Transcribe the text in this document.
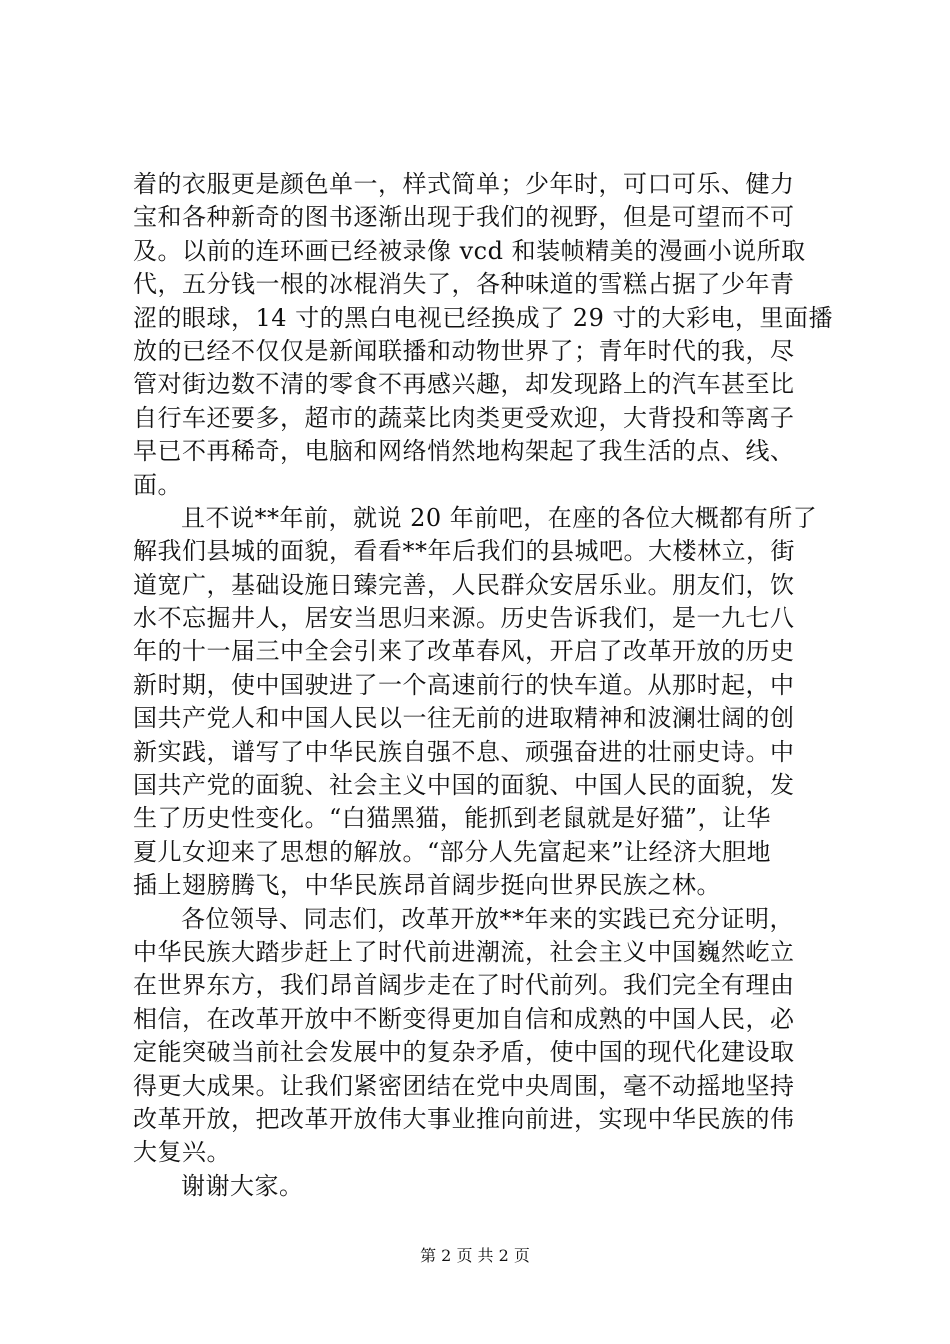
着的衣服更是颜色单一，样式简单；少年时，可口可乐、健力
宝和各种新奇的图书逐渐出现于我们的视野，但是可望而不可
及。以前的连环画已经被录像 vcd 和装帧精美的漫画小说所取
代，五分钱一根的冰棍消失了，各种味道的雪糕占据了少年青
涩的眼球，14 寸的黑白电视已经换成了 29 寸的大彩电，里面播
放的已经不仅仅是新闻联播和动物世界了；青年时代的我，尽
管对街边数不清的零食不再感兴趣，却发现路上的汽车甚至比
自行车还要多，超市的蔬菜比肉类更受欢迎，大背投和等离子
早已不再稀奇，电脑和网络悄然地构架起了我生活的点、线、
面。
且不说**年前，就说 20 年前吧，在座的各位大概都有所了
解我们县城的面貌，看看**年后我们的县城吧。大楼林立，街
道宽广，基础设施日臻完善，人民群众安居乐业。朋友们，饮
水不忘掘井人，居安当思归来源。历史告诉我们，是一九七八
年的十一届三中全会引来了改革春风，开启了改革开放的历史
新时期，使中国驶进了一个高速前行的快车道。从那时起，中
国共产党人和中国人民以一往无前的进取精神和波澜壮阔的创
新实践，谱写了中华民族自强不息、顽强奋进的壮丽史诗。中
国共产党的面貌、社会主义中国的面貌、中国人民的面貌，发
生了历史性变化。“白猫黑猫，能抓到老鼠就是好猫”，让华
夏儿女迎来了思想的解放。“部分人先富起来”让经济大胆地
插上翅膀腾飞，中华民族昂首阔步挺向世界民族之林。
各位领导、同志们，改革开放**年来的实践已充分证明，
中华民族大踏步赶上了时代前进潮流，社会主义中国巍然屹立
在世界东方，我们昂首阔步走在了时代前列。我们完全有理由
相信，在改革开放中不断变得更加自信和成熟的中国人民，必
定能突破当前社会发展中的复杂矛盾，使中国的现代化建设取
得更大成果。让我们紧密团结在党中央周围，毫不动摇地坚持
改革开放，把改革开放伟大事业推向前进，实现中华民族的伟
大复兴。
谢谢大家。
第 2 页 共 2 页
